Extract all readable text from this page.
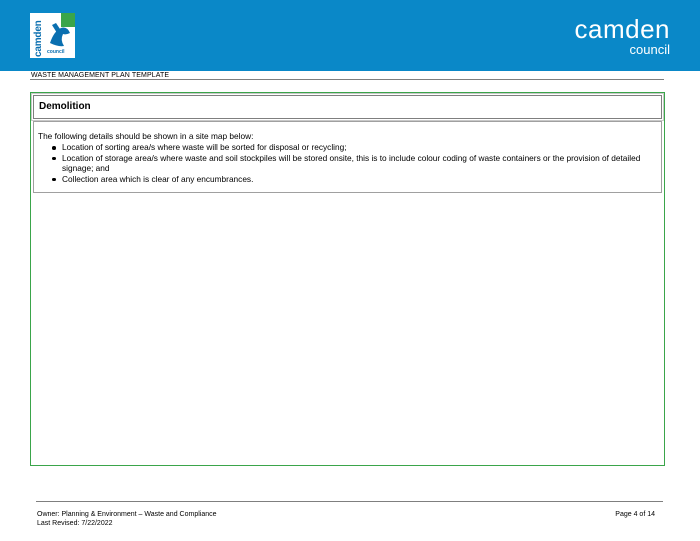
camden council
camden
council
WASTE MANAGEMENT PLAN TEMPLATE
Demolition
The following details should be shown in a site map below:
Location of sorting area/s where waste will be sorted for disposal or recycling;
Location of storage area/s where waste and soil stockpiles will be stored onsite, this is to include colour coding of waste containers or the provision of detailed signage; and
Collection area which is clear of any encumbrances.
Owner: Planning & Environment – Waste and Compliance
Last Revised: 7/22/2022
Page 4 of 14
